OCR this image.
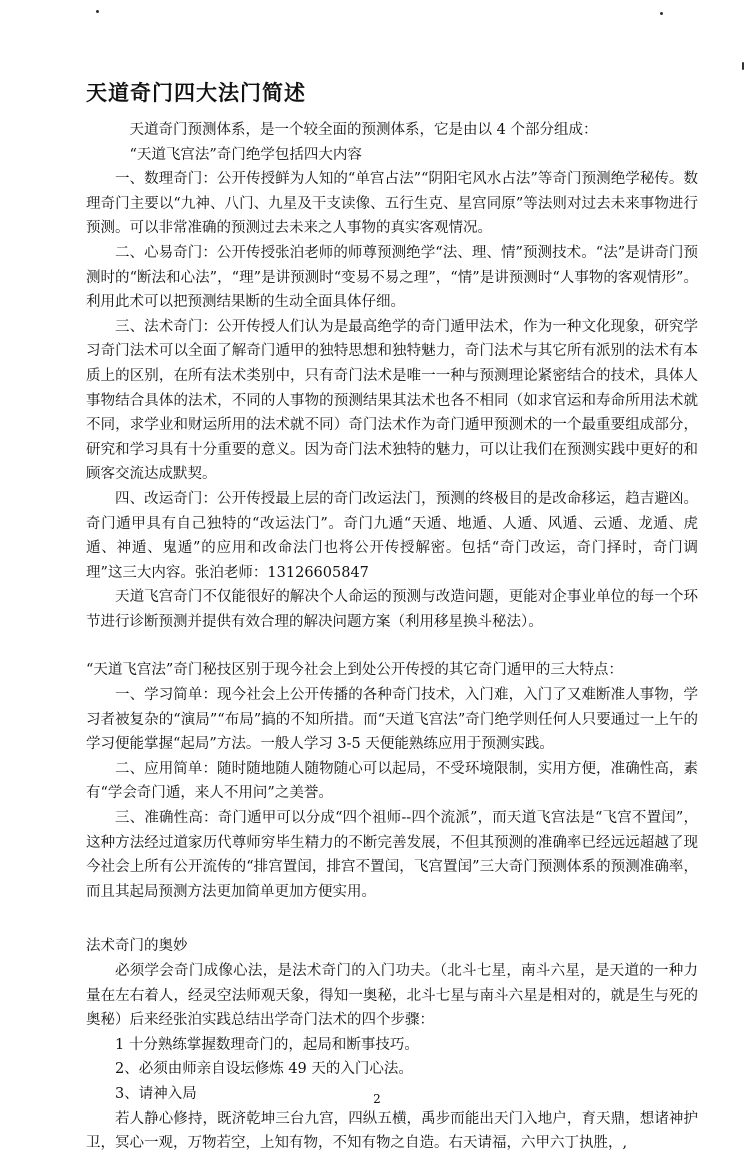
天道奇门四大法门简述

天道奇门预测体系，是一个较全面的预测体系，它是由以 4 个部分组成：

“天道飞宫法”奇门绝学包括四大内容

一、数理奇门：公开传授鲜为人知的“单宫占法”“阴阳宅风水占法”等奇门预测绝学秘传。数理奇门主要以“九神、八门、九星及干支读像、五行生克、星宫同原”等法则对过去未来事物进行预测。可以非常准确的预测过去未来之人事物的真实客观情况。

二、心易奇门：公开传授张泊老师的师尊预测绝学“法、理、情”预测技术。“法”是讲奇门预测时的“断法和心法”，“理”是讲预测时“变易不易之理”，“情”是讲预测时“人事物的客观情形”。利用此术可以把预测结果断的生动全面具体仔细。

三、法术奇门：公开传授人们认为是最高绝学的奇门遁甲法术，作为一种文化现象，研究学习奇门法术可以全面了解奇门遁甲的独特思想和独特魅力，奇门法术与其它所有派别的法术有本质上的区别，在所有法术类别中，只有奇门法术是唯一一种与预测理论紧密结合的技术，具体人事物结合具体的法术，不同的人事物的预测结果其法术也各不相同（如求官运和寿命所用法术就不同，求学业和财运所用的法术就不同）奇门法术作为奇门遁甲预测术的一个最重要组成部分，研究和学习具有十分重要的意义。因为奇门法术独特的魅力，可以让我们在预测实践中更好的和顾客交流达成默契。

四、改运奇门：公开传授最上层的奇门改运法门，预测的终极目的是改命移运，趋吉避凶。奇门遁甲具有自己独特的“改运法门”。奇门九遁“天遁、地遁、人遁、风遁、云遁、龙遁、虎遁、神遁、鬼遁”的应用和改命法门也将公开传授解密。包括“奇门改运，奇门择时，奇门调理”这三大内容。张泊老师：13126605847

天道飞宫奇门不仅能很好的解决个人命运的预测与改造问题，更能对企事业单位的每一个环节进行诊断预测并提供有效合理的解决问题方案（利用移星换斗秘法）。

“天道飞宫法”奇门秘技区别于现今社会上到处公开传授的其它奇门遁甲的三大特点：

一、学习简单：现今社会上公开传播的各种奇门技术，入门难，入门了又难断准人事物，学习者被复杂的“演局”“布局”搞的不知所措。而“天道飞宫法”奇门绝学则任何人只要通过一上午的学习便能掌握“起局”方法。一般人学习 3-5 天便能熟练应用于预测实践。

二、应用简单：随时随地随人随物随心可以起局，不受环境限制，实用方便，准确性高，素有“学会奇门遁，来人不用问”之美誉。

三、准确性高：奇门遁甲可以分成“四个祖师--四个流派”，而天道飞宫法是“飞宫不置闰”，这种方法经过道家历代尊师穷毕生精力的不断完善发展，不但其预测的准确率已经远远超越了现今社会上所有公开流传的“排宫置闰，排宫不置闰，飞宫置闰”三大奇门预测体系的预测准确率，而且其起局预测方法更加简单更加方便实用。

法术奇门的奥妙

必须学会奇门成像心法，是法术奇门的入门功夫。（北斗七星，南斗六星，是天道的一种力量在左右着人，经灵空法师观天象，得知一奥秘，北斗七星与南斗六星是相对的，就是生与死的奥秘）后来经张泊实践总结出学奇门法术的四个步骤：

1 十分熟练掌握数理奇门的，起局和断事技巧。

2、必须由师亲自设坛修炼 49 天的入门心法。

3、请神入局

若人静心修持，既济乾坤三台九宫，四纵五横，禹步而能出天门入地户，育天鼎，想诸神护卫，冥心一观，万物若空，上知有物，不知有物之自造。右天请福，六甲六丁执胜，,

2
